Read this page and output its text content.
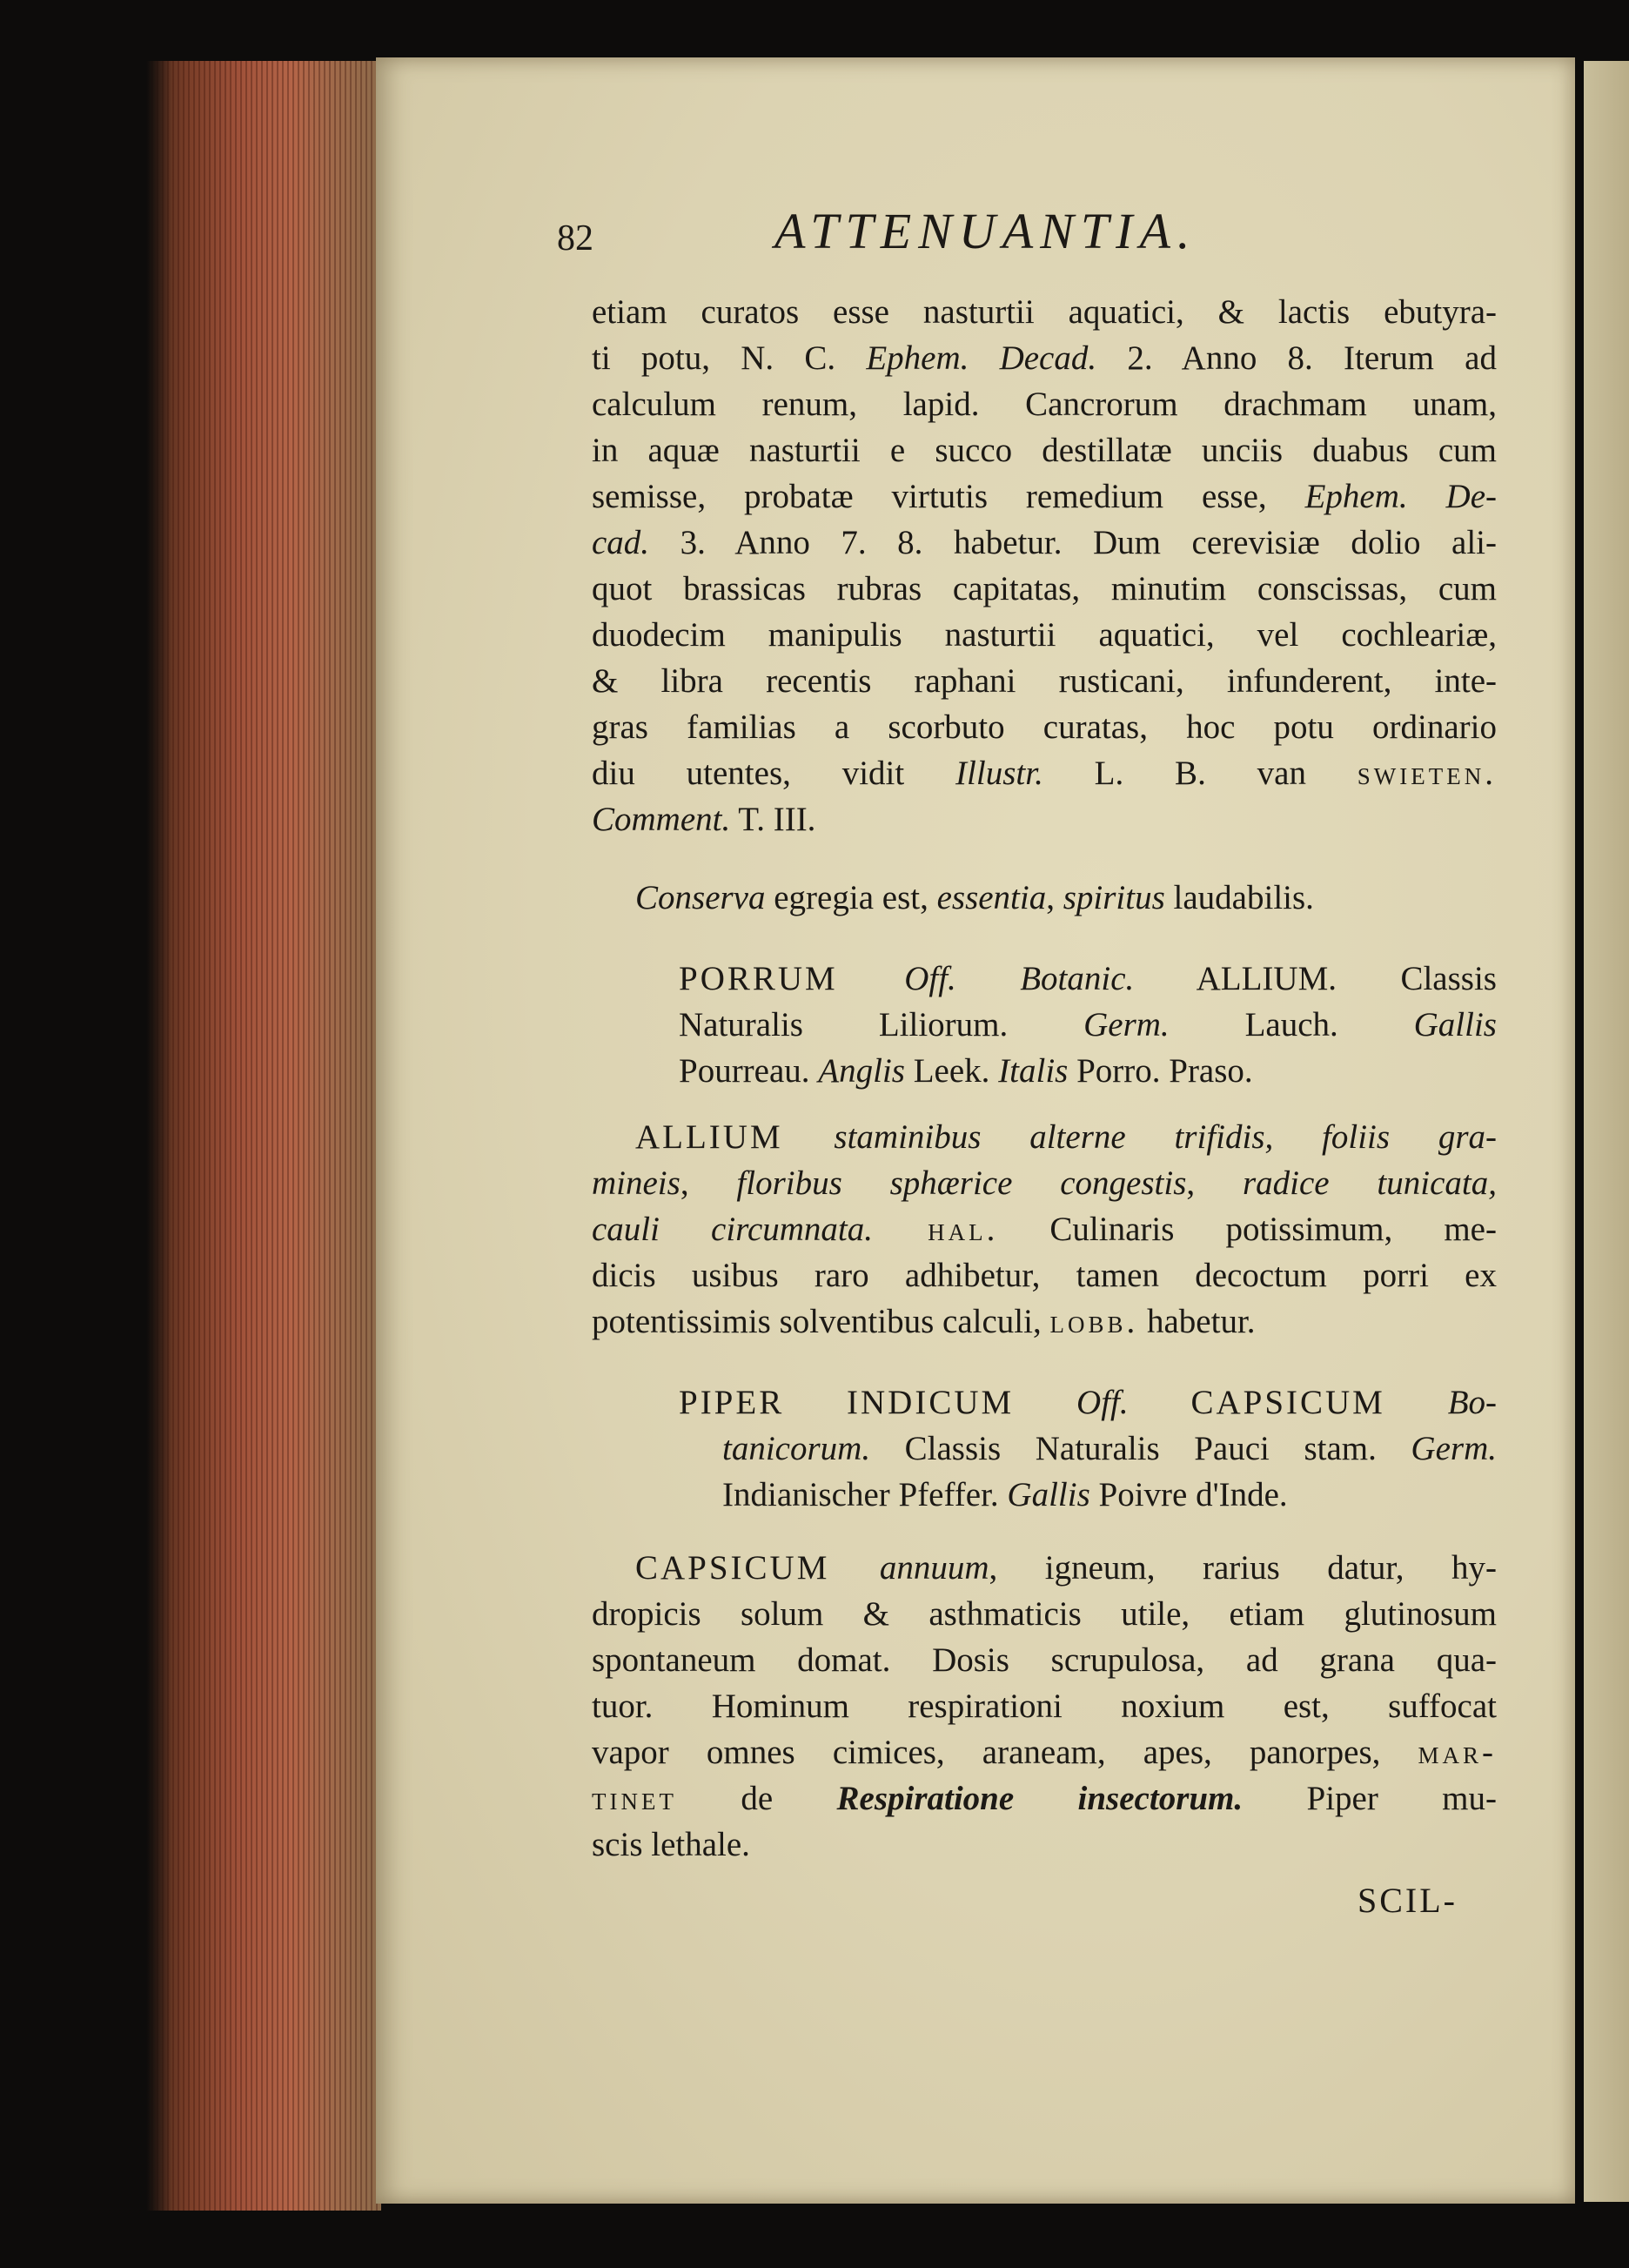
82	ATTENUANTIA.

etiam curatos esse nasturtii aquatici, & lactis ebutyra-

ti potu, N. C. Ephem. Decad. 2. Anno 8. Iterum ad

calculum renum, lapid. Cancrorum drachmam unam,

in aquæ nasturtii e succo destillatæ unciis duabus cum

semisse, probatæ virtutis remedium esse, Ephem. De-

cad. 3. Anno 7. 8. habetur. Dum cerevisiæ dolio ali-

quot brassicas rubras capitatas, minutim conscissas, cum

duodecim manipulis nasturtii aquatici, vel cochleariæ,

& libra recentis raphani rusticani, infunderent, inte-

gras familias a scorbuto curatas, hoc potu ordinario

diu utentes, vidit Illustr. L. B. van swieten.

Comment. T. III.

Conserva egregia est, essentia, spiritus laudabilis.

PORRUM Off. Botanic. ALLIUM. Classis

Naturalis Liliorum. Germ. Lauch. Gallis

Pourreau. Anglis Leek. Italis Porro. Praso.

ALLIUM staminibus alterne trifidis, foliis gra-

mineis, floribus sphærice congestis, radice tunicata,

cauli circumnata. hal. Culinaris potissimum, me-

dicis usibus raro adhibetur, tamen decoctum porri ex

potentissimis solventibus calculi, lobb. habetur.

PIPER INDICUM Off. CAPSICUM Bo-

tanicorum. Classis Naturalis Pauci stam. Germ.

Indianischer Pfeffer. Gallis Poivre d'Inde.

CAPSICUM annuum, igneum, rarius datur, hy-

dropicis solum & asthmaticis utile, etiam glutinosum

spontaneum domat. Dosis scrupulosa, ad grana qua-

tuor. Hominum respirationi noxium est, suffocat

vapor omnes cimices, araneam, apes, panorpes, mar-

tinet de Respiratione insectorum. Piper mu-

scis lethale.

SCIL-
